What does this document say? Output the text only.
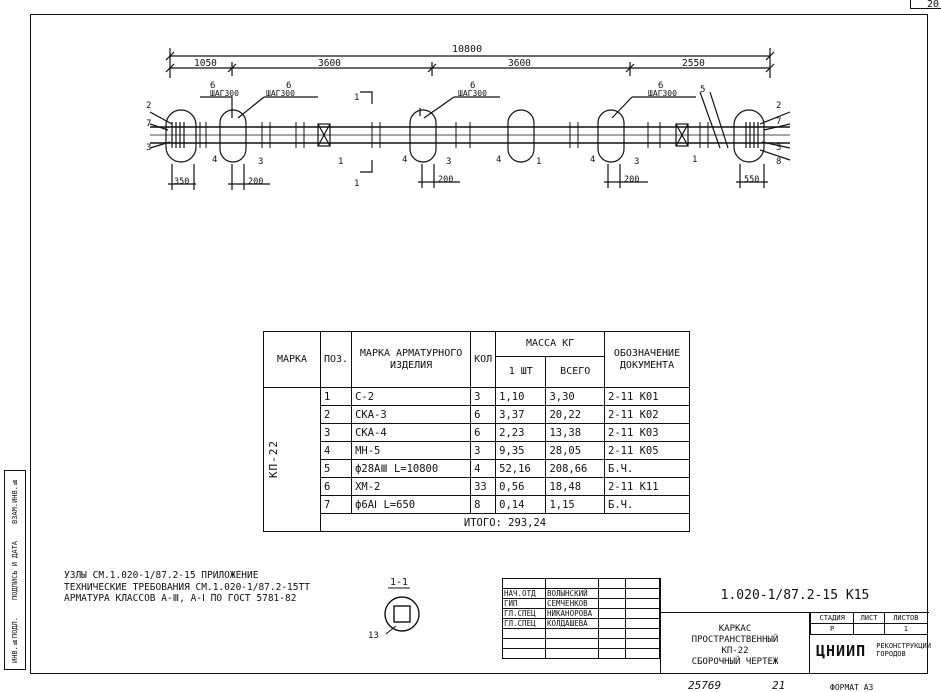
20
10800
1050	3600	3600	2550
ШАГ300	ШАГ300	ШАГ300	ШАГ300
6	6	6	6
2
7
3
4	3	1	4	3	4	1	4	3	1
5
2
7
3
8
1
1
350	200	200	200	550
МАРКА	ПОЗ.	МАРКА АРМАТУРНОГО ИЗДЕЛИЯ	КОЛ	МАССА КГ		ОБОЗНАЧЕНИЕ ДОКУМЕНТА
				1 ШТ	ВСЕГО	

КП-22	1	С-2	3	1,10	3,30	2-11 К01
	2	СКА-3	6	3,37	20,22	2-11 К02
	3	СКА-4	6	2,23	13,38	2-11 К03
	4	МН-5	3	9,35	28,05	2-11 К05
	5	ф28АⅢ L=10800	4	52,16	208,66	Б.Ч.
	6	ХМ-2	33	0,56	18,48	2-11 К11
	7	ф6АⅠ L=650	8	0,14	1,15	Б.Ч.
	ИТОГО: 293,24					
УЗЛЫ СМ.1.020-1/87.2-15 ПРИЛОЖЕНИЕ
ТЕХНИЧЕСКИЕ ТРЕБОВАНИЯ СМ.1.020-1/87.2-15ТТ
АРМАТУРА КЛАССОВ А-Ⅲ, А-Ⅰ ПО ГОСТ 5781-82
1-1
13
ИНВ.№ПОДЛ.
ПОДПИСЬ И ДАТА
ВЗАМ.ИНВ.№

НАЧ.ОТД	ВОЛЫНСКИЙ		
ГИП	СЕМЧЕНКОВ		
ГЛ.СПЕЦ	НИКАНОРОВА		
ГЛ.СПЕЦ	КОЛДАШЕВА		

1.020-1/87.2-15 К15
КАРКАС
ПРОСТРАНСТВЕННЫЙ
КП-22
СБОРОЧНЫЙ ЧЕРТЕЖ
СТАДИЯ	ЛИСТ	ЛИСТОВ
Р		1
ЦНИИП РЕКОНСТРУКЦИИ ГОРОДОВ
25769	21	ФОРМАТ А3
